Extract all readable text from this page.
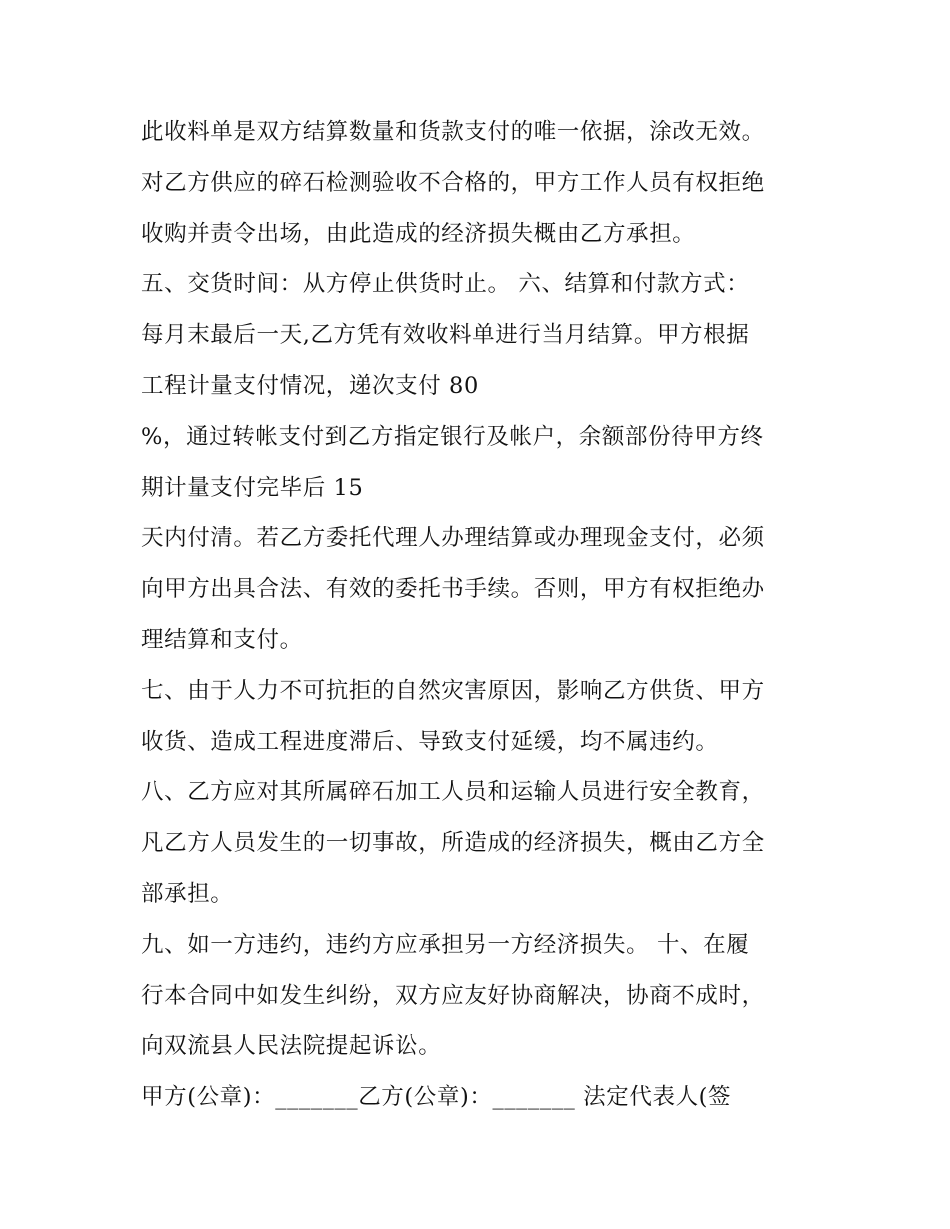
此收料单是双方结算数量和货款支付的唯一依据，涂改无效。
对乙方供应的碎石检测验收不合格的，甲方工作人员有权拒绝
收购并责令出场，由此造成的经济损失概由乙方承担。
五、交货时间：从方停止供货时止。 六、结算和付款方式：
每月末最后一天,乙方凭有效收料单进行当月结算。甲方根据
工程计量支付情况，递次支付 80
%，通过转帐支付到乙方指定银行及帐户，余额部份待甲方终
期计量支付完毕后 15
天内付清。若乙方委托代理人办理结算或办理现金支付，必须
向甲方出具合法、有效的委托书手续。否则，甲方有权拒绝办
理结算和支付。
七、由于人力不可抗拒的自然灾害原因，影响乙方供货、甲方
收货、造成工程进度滞后、导致支付延缓，均不属违约。
八、乙方应对其所属碎石加工人员和运输人员进行安全教育，
凡乙方人员发生的一切事故，所造成的经济损失，概由乙方全
部承担。
九、如一方违约，违约方应承担另一方经济损失。 十、在履
行本合同中如发生纠纷，双方应友好协商解决，协商不成时，
向双流县人民法院提起诉讼。
甲方(公章)：_______乙方(公章)：_______ 法定代表人(签
